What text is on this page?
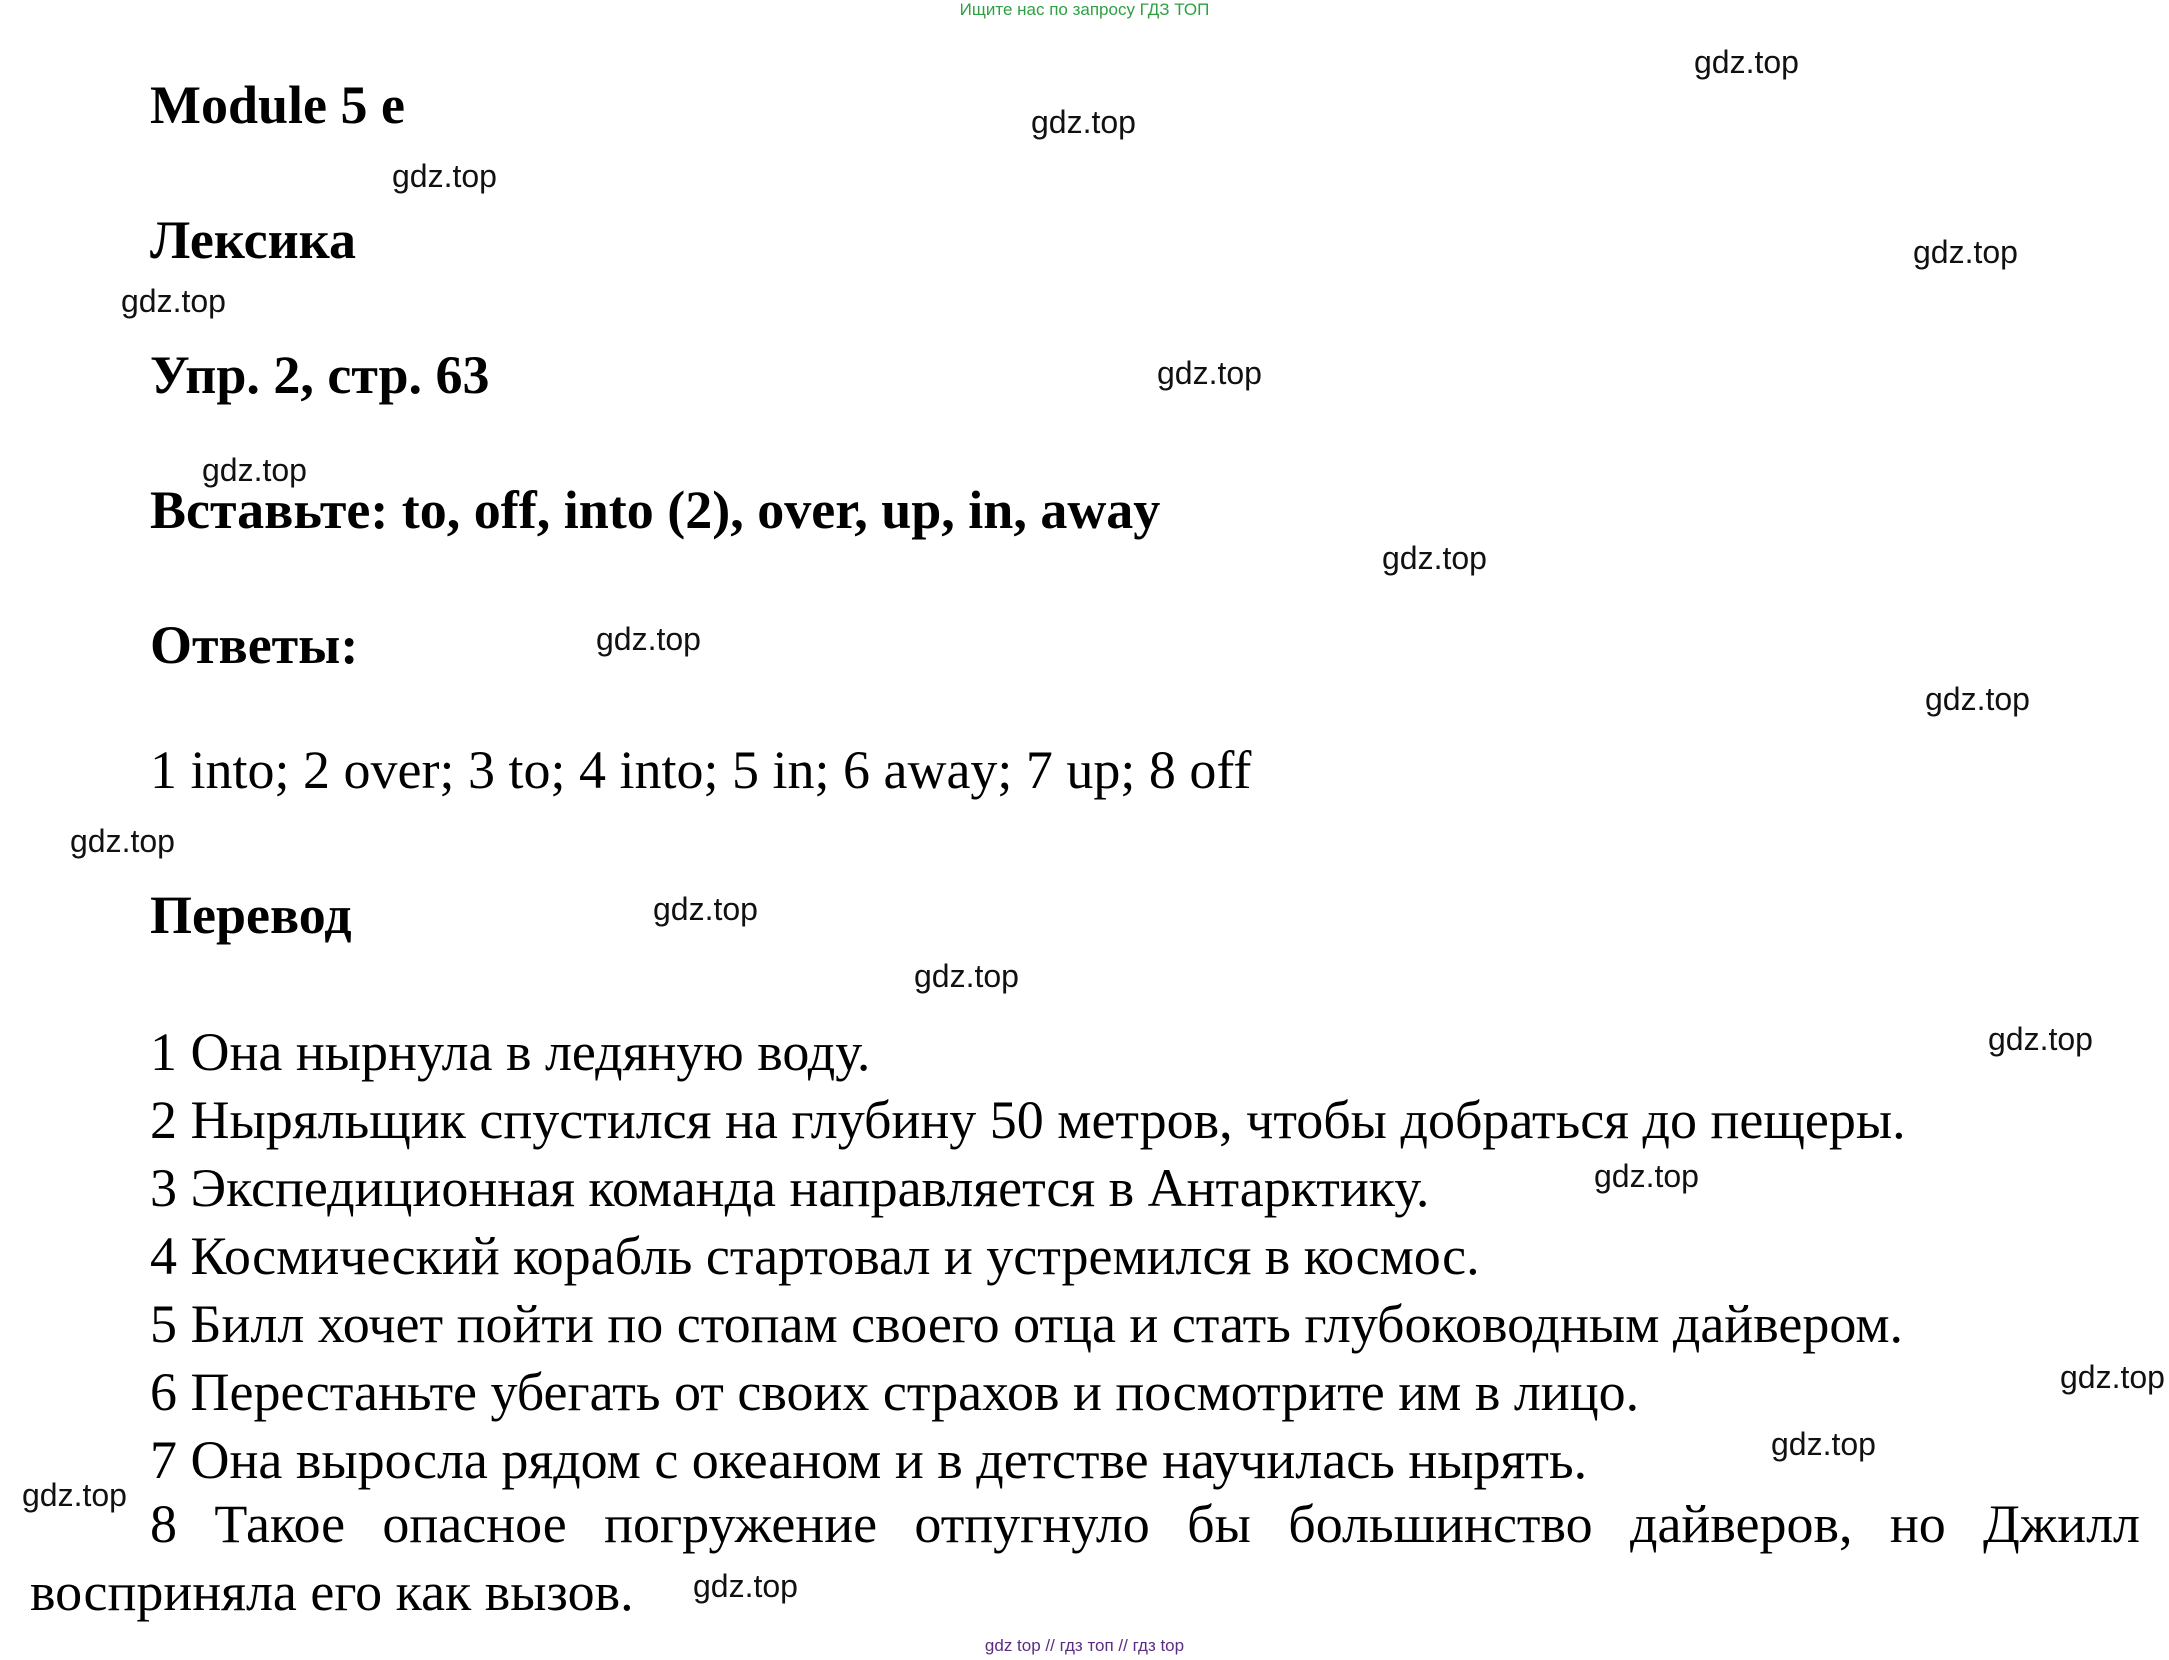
Ищите нас по запросу ГДЗ ТОП
Module 5 e
Лексика
Упр. 2, стр. 63
Вставьте: to, off, into (2), over, up, in, away
Ответы:
1 into; 2 over; 3 to; 4 into; 5 in; 6 away; 7 up; 8 off
Перевод
1 Она нырнула в ледяную воду.
2 Ныряльщик спустился на глубину 50 метров, чтобы добраться до пещеры.
3 Экспедиционная команда направляется в Антарктику.
4 Космический корабль стартовал и устремился в космос.
5 Билл хочет пойти по стопам своего отца и стать глубоководным дайвером.
6 Перестаньте убегать от своих страхов и посмотрите им в лицо.
7 Она выросла рядом с океаном и в детстве научилась нырять.
8 Такое опасное погружение отпугнуло бы большинство дайверов, но Джилл восприняла его как вызов.
gdz.top
gdz.top
gdz.top
gdz.top
gdz.top
gdz.top
gdz.top
gdz.top
gdz.top
gdz.top
gdz.top
gdz.top
gdz.top
gdz.top
gdz.top
gdz.top
gdz.top
gdz.top
gdz.top
gdz top // гдз топ // гдз top
